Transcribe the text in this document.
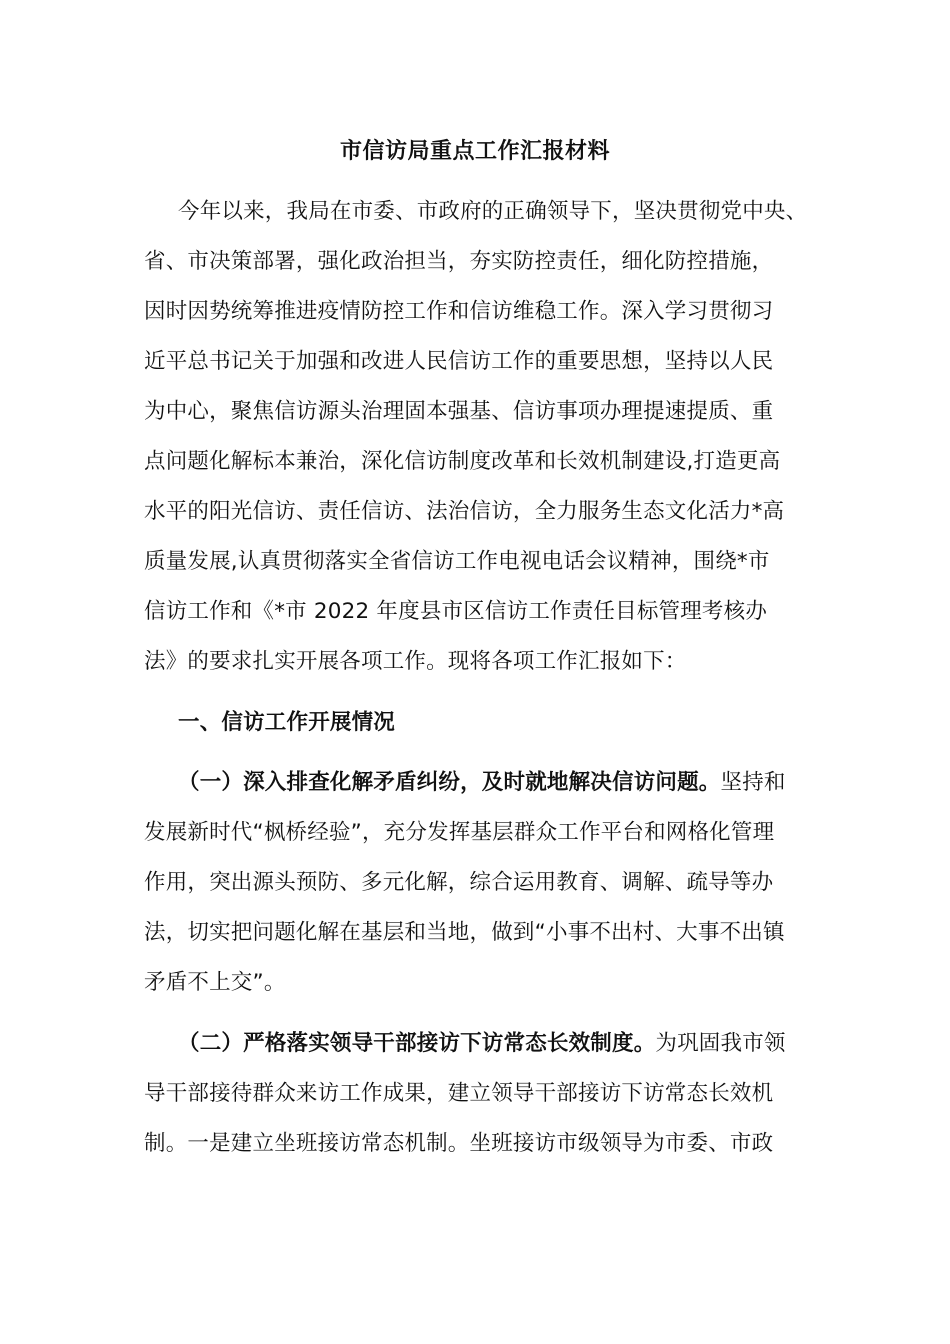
市信访局重点工作汇报材料
今年以来，我局在市委、市政府的正确领导下，坚决贯彻党中央、
省、市决策部署，强化政治担当，夯实防控责任，细化防控措施，
因时因势统筹推进疫情防控工作和信访维稳工作。深入学习贯彻习
近平总书记关于加强和改进人民信访工作的重要思想，坚持以人民
为中心，聚焦信访源头治理固本强基、信访事项办理提速提质、重
点问题化解标本兼治，深化信访制度改革和长效机制建设,打造更高
水平的阳光信访、责任信访、法治信访，全力服务生态文化活力*高
质量发展,认真贯彻落实全省信访工作电视电话会议精神，围绕*市
信访工作和《*市 2022 年度县市区信访工作责任目标管理考核办
法》的要求扎实开展各项工作。现将各项工作汇报如下：
一、信访工作开展情况
（一）深入排查化解矛盾纠纷，及时就地解决信访问题。坚持和
发展新时代“枫桥经验”，充分发挥基层群众工作平台和网格化管理
作用，突出源头预防、多元化解，综合运用教育、调解、疏导等办
法，切实把问题化解在基层和当地，做到“小事不出村、大事不出镇
矛盾不上交”。
（二）严格落实领导干部接访下访常态长效制度。为巩固我市领
导干部接待群众来访工作成果，建立领导干部接访下访常态长效机
制。一是建立坐班接访常态机制。坐班接访市级领导为市委、市政
